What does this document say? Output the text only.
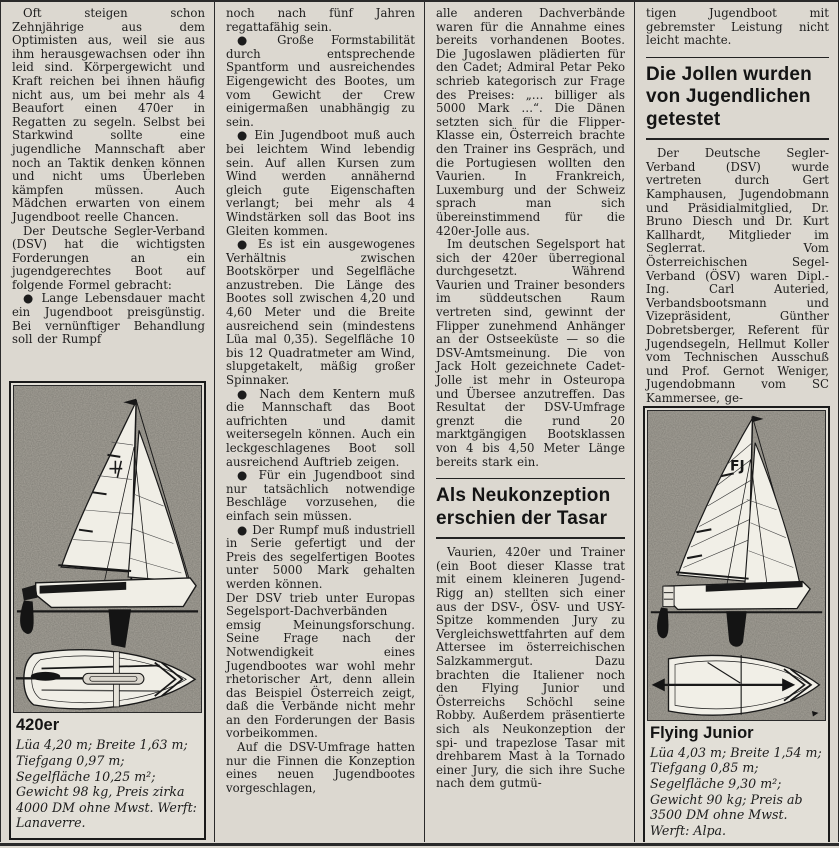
Oft steigen schon Zehnjährige aus dem Optimisten aus, weil sie aus ihm herausgewachsen oder ihn leid sind. Körpergewicht und Kraft reichen bei ihnen häufig nicht aus, um bei mehr als 4 Beaufort einen 470er in Regatten zu segeln. Selbst bei Starkwind sollte eine jugendliche Mannschaft aber noch an Taktik denken können und nicht ums Überleben kämpfen müssen. Auch Mädchen erwarten von einem Jugendboot reelle Chancen.

Der Deutsche Segler-Verband (DSV) hat die wichtigsten Forderungen an ein jugendgerechtes Boot auf folgende Formel gebracht:

● Lange Lebensdauer macht ein Jugendboot preisgünstig. Bei vernünftiger Behandlung soll der Rumpf

420er
Lüa 4,20 m; Breite 1,63 m; Tiefgang 0,97 m; Segelfläche 10,25 m²; Gewicht 98 kg, Preis zirka 4000 DM ohne Mwst. Werft: Lanaverre.

noch nach fünf Jahren regattafähig sein.

● Große Formstabilität durch entsprechende Spantform und ausreichendes Eigengewicht des Bootes, um vom Gewicht der Crew einigermaßen unabhängig zu sein.

● Ein Jugendboot muß auch bei leichtem Wind lebendig sein. Auf allen Kursen zum Wind werden annähernd gleich gute Eigenschaften verlangt; bei mehr als 4 Windstärken soll das Boot ins Gleiten kommen.

● Es ist ein ausgewogenes Verhältnis zwischen Bootskörper und Segelfläche anzustreben. Die Länge des Bootes soll zwischen 4,20 und 4,60 Meter und die Breite ausreichend sein (mindestens Lüa mal 0,35). Segelfläche 10 bis 12 Quadratmeter am Wind, slupgetakelt, mäßig großer Spinnaker.

● Nach dem Kentern muß die Mannschaft das Boot aufrichten und damit weitersegeln können. Auch ein leckgeschlagenes Boot soll ausreichend Auftrieb zeigen.

● Für ein Jugendboot sind nur tatsächlich notwendige Beschläge vorzusehen, die einfach sein müssen.

● Der Rumpf muß industriell in Serie gefertigt und der Preis des segelfertigen Bootes unter 5000 Mark gehalten werden können.

Der DSV trieb unter Europas Segelsport-Dachverbänden emsig Meinungsforschung. Seine Frage nach der Notwendigkeit eines Jugendbootes war wohl mehr rhetorischer Art, denn allein das Beispiel Österreich zeigt, daß die Verbände nicht mehr an den Forderungen der Basis vorbeikommen.

Auf die DSV-Umfrage hatten nur die Finnen die Konzeption eines neuen Jugendbootes vorgeschlagen,

alle anderen Dachverbände waren für die Annahme eines bereits vorhandenen Bootes. Die Jugoslawen plädierten für den Cadet; Admiral Petar Peko schrieb kategorisch zur Frage des Preises: „… billiger als 5000 Mark …“. Die Dänen setzten sich für die Flipper-Klasse ein, Österreich brachte den Trainer ins Gespräch, und die Portugiesen wollten den Vaurien. In Frankreich, Luxemburg und der Schweiz sprach man sich übereinstimmend für die 420er-Jolle aus.

Im deutschen Segelsport hat sich der 420er überregional durchgesetzt. Während Vaurien und Trainer besonders im süddeutschen Raum vertreten sind, gewinnt der Flipper zunehmend Anhänger an der Ostseeküste — so die DSV-Amtsmeinung. Die von Jack Holt gezeichnete Cadet-Jolle ist mehr in Osteuropa und Übersee anzutreffen. Das Resultat der DSV-Umfrage grenzt die rund 20 marktgängigen Bootsklassen von 4 bis 4,50 Meter Länge bereits stark ein.

Als Neukonzeption erschien der Tasar

Vaurien, 420er und Trainer (ein Boot dieser Klasse trat mit einem kleineren Jugend-Rigg an) stellten sich einer aus der DSV-, ÖSV- und USY-Spitze kommenden Jury zu Vergleichswettfahrten auf dem Attersee im österreichischen Salzkammergut. Dazu brachten die Italiener noch den Flying Junior und Österreichs Schöchl seine Robby. Außerdem präsentierte sich als Neukonzeption der spi- und trapezlose Tasar mit drehbarem Mast à la Tornado einer Jury, die sich ihre Suche nach dem gutmü-

tigen Jugendboot mit gebremster Leistung nicht leicht machte.

Die Jollen wurden von Jugendlichen getestet

Der Deutsche Segler-Verband (DSV) wurde vertreten durch Gert Kamphausen, Jugendobmann und Präsidialmitglied, Dr. Bruno Diesch und Dr. Kurt Kallhardt, Mitglieder im Seglerrat. Vom Österreichischen Segel-Verband (ÖSV) waren Dipl.-Ing. Carl Auteried, Verbandsbootsmann und Vizepräsident, Günther Dobretsberger, Referent für Jugendsegeln, Hellmut Koller vom Technischen Ausschuß und Prof. Gernot Weniger, Jugendobmann vom SC Kammersee, ge-

FJ
Flying Junior
Lüa 4,03 m; Breite 1,54 m; Tiefgang 0,85 m; Segelfläche 9,30 m²; Gewicht 90 kg; Preis ab 3500 DM ohne Mwst. Werft: Alpa.
